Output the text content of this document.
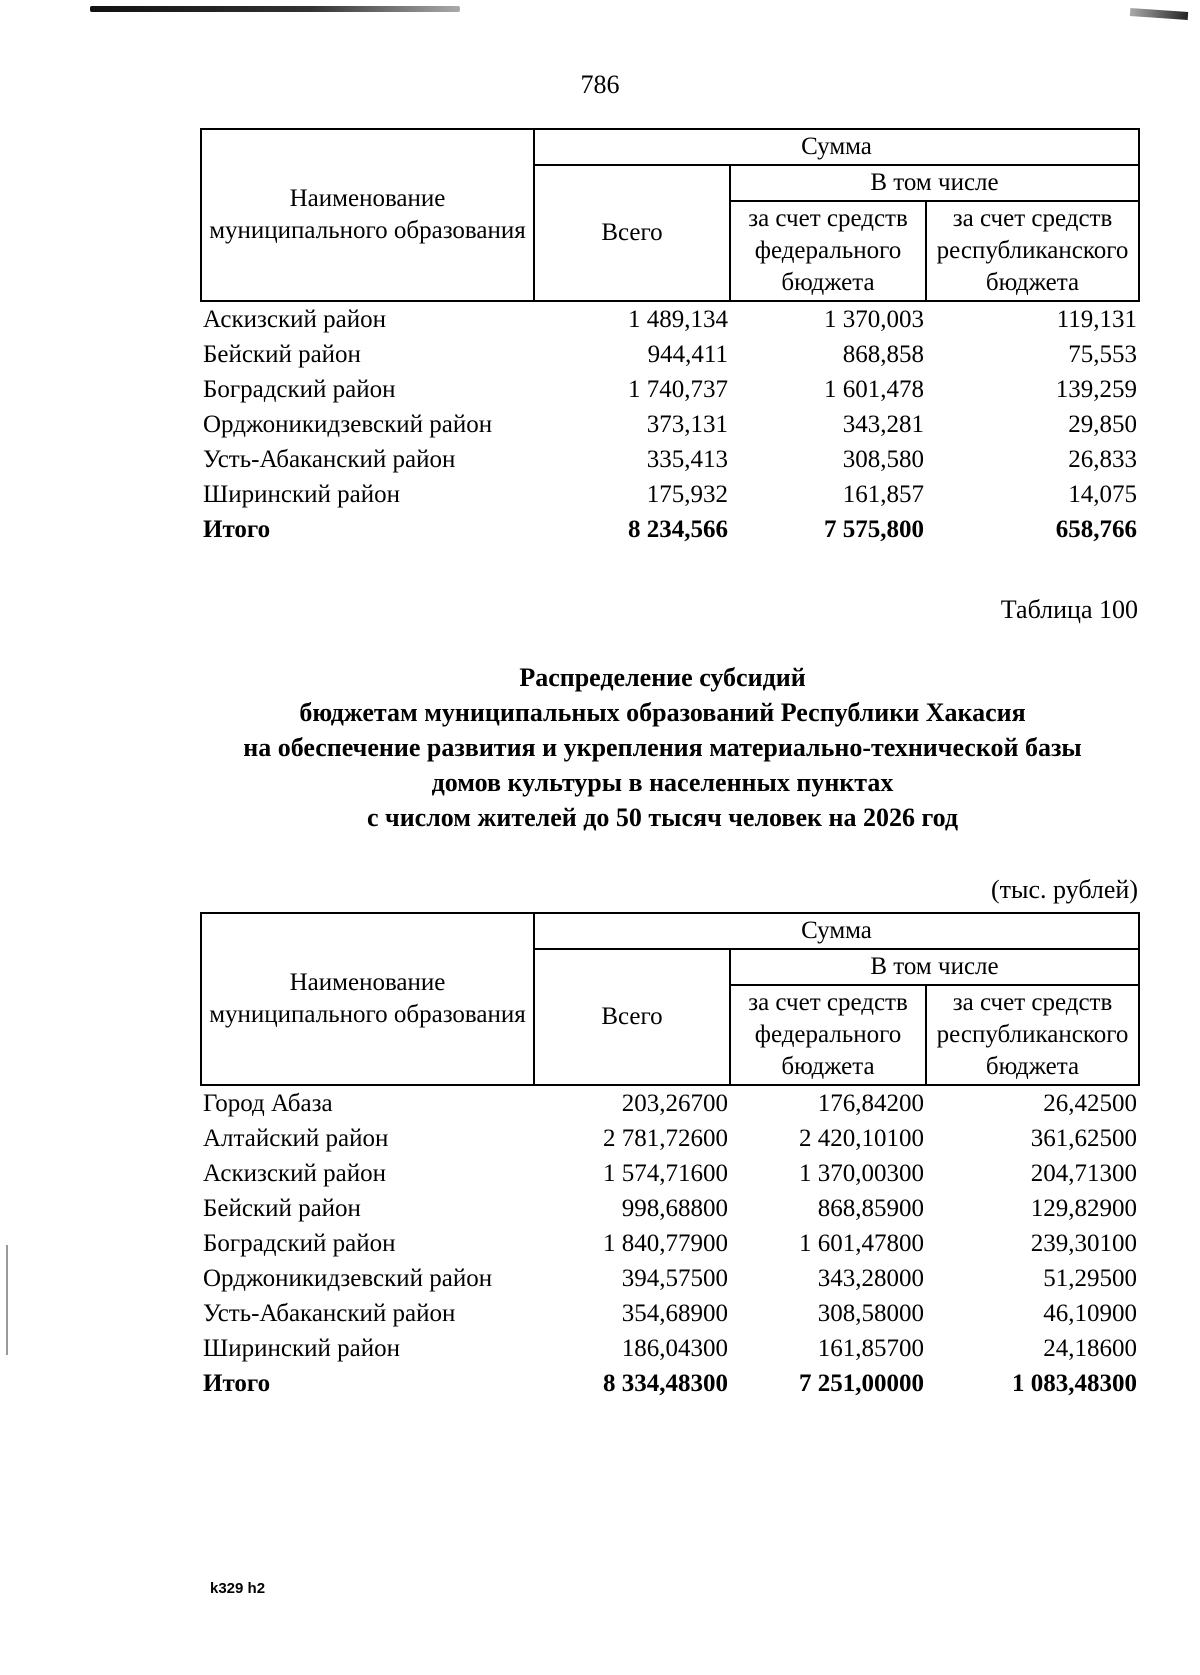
786
Наименование муниципального образования	Сумма		
	Всего	В том числе	
		за счет средств федерального бюджета	за счет средств республиканского бюджета
Аскизский район	1 489,134	1 370,003	119,131
Бейский район	944,411	868,858	75,553
Боградский район	1 740,737	1 601,478	139,259
Орджоникидзевский район	373,131	343,281	29,850
Усть-Абаканский район	335,413	308,580	26,833
Ширинский район	175,932	161,857	14,075
Итого	8 234,566	7 575,800	658,766
Таблица 100
Распределение субсидий
бюджетам муниципальных образований Республики Хакасия
на обеспечение развития и укрепления материально-технической базы
домов культуры в населенных пунктах
с числом жителей до 50 тысяч человек на 2026 год
(тыс. рублей)
Наименование муниципального образования	Сумма		
	Всего	В том числе	
		за счет средств федерального бюджета	за счет средств республиканского бюджета
Город Абаза	203,26700	176,84200	26,42500
Алтайский район	2 781,72600	2 420,10100	361,62500
Аскизский район	1 574,71600	1 370,00300	204,71300
Бейский район	998,68800	868,85900	129,82900
Боградский район	1 840,77900	1 601,47800	239,30100
Орджоникидзевский район	394,57500	343,28000	51,29500
Усть-Абаканский район	354,68900	308,58000	46,10900
Ширинский район	186,04300	161,85700	24,18600
Итого	8 334,48300	7 251,00000	1 083,48300
k329 h2
